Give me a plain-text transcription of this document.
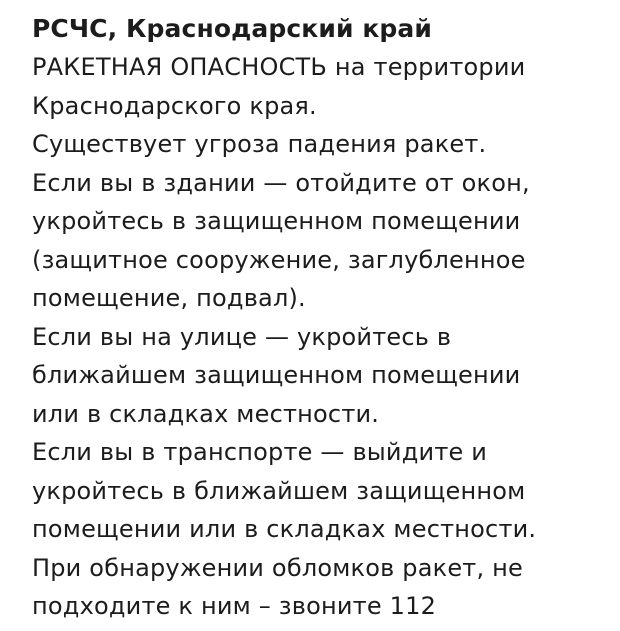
РСЧС, Краснодарский край
РАКЕТНАЯ ОПАСНОСТЬ на территории
Краснодарского края.
Существует угроза падения ракет.
Если вы в здании — отойдите от окон,
укройтесь в защищенном помещении
(защитное сооружение, заглубленное
помещение, подвал).
Если вы на улице — укройтесь в
ближайшем защищенном помещении
или в складках местности.
Если вы в транспорте — выйдите и
укройтесь в ближайшем защищенном
помещении или в складках местности.
При обнаружении обломков ракет, не
подходите к ним – звоните 112
